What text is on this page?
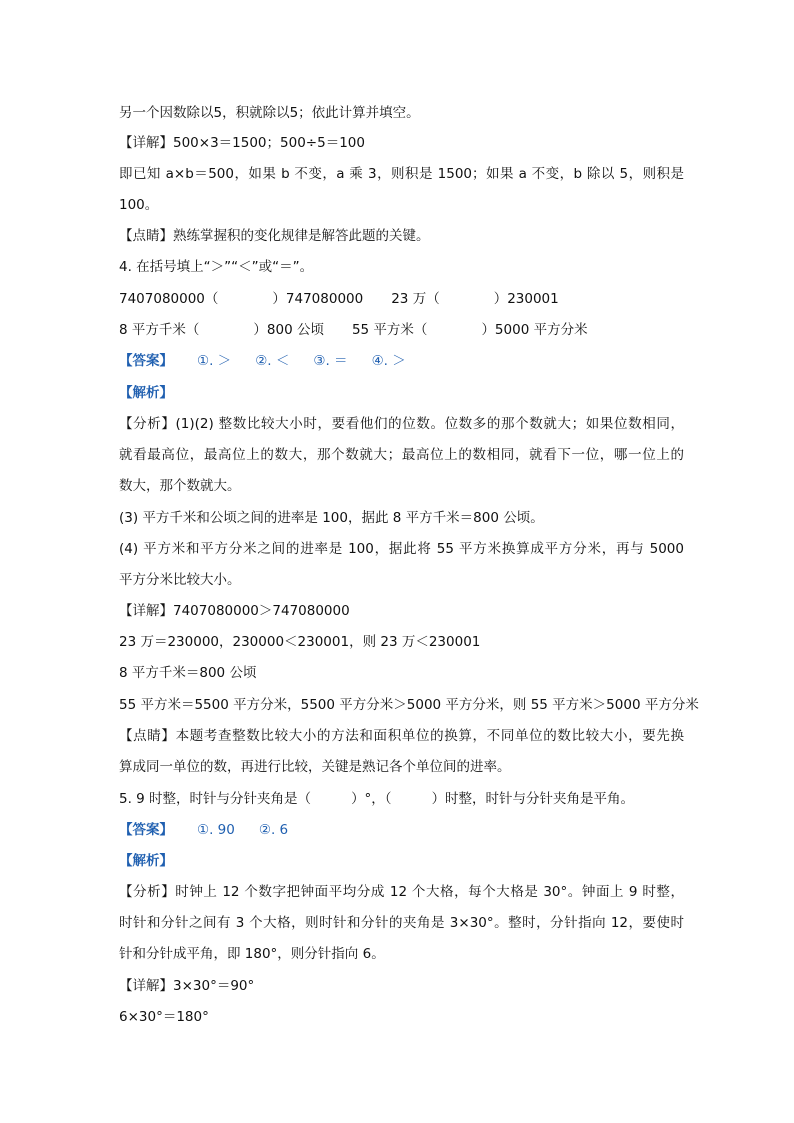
另一个因数除以5，积就除以5；依此计算并填空。
【详解】500×3＝1500；500÷5＝100
即已知 a×b＝500，如果 b 不变，a 乘 3，则积是 1500；如果 a 不变，b 除以 5，则积是
100。
【点睛】熟练掌握积的变化规律是解答此题的关键。
4. 在括号填上“＞”“＜”或“＝”。
7407080000（	）747080000 23 万（	）230001
8 平方千米（	）800 公顷 55 平方米（	）5000 平方分米
【答案】 ①. ＞ ②. ＜ ③. ＝ ④. ＞
【解析】
【分析】(1)(2) 整数比较大小时，要看他们的位数。位数多的那个数就大；如果位数相同，
就看最高位，最高位上的数大，那个数就大；最高位上的数相同，就看下一位，哪一位上的
数大，那个数就大。
(3) 平方千米和公顷之间的进率是 100，据此 8 平方千米＝800 公顷。
(4) 平方米和平方分米之间的进率是 100，据此将 55 平方米换算成平方分米，再与 5000
平方分米比较大小。
【详解】7407080000＞747080000
23 万＝230000，230000＜230001，则 23 万＜230001
8 平方千米＝800 公顷
55 平方米＝5500 平方分米，5500 平方分米＞5000 平方分米，则 55 平方米＞5000 平方分米
【点睛】本题考查整数比较大小的方法和面积单位的换算，不同单位的数比较大小，要先换
算成同一单位的数，再进行比较，关键是熟记各个单位间的进率。
5. 9 时整，时针与分针夹角是（	）°，（	）时整，时针与分针夹角是平角。
【答案】 ①. 90 ②. 6
【解析】
【分析】时钟上 12 个数字把钟面平均分成 12 个大格，每个大格是 30°。钟面上 9 时整，
时针和分针之间有 3 个大格，则时针和分针的夹角是 3×30°。整时，分针指向 12，要使时
针和分针成平角，即 180°，则分针指向 6。
【详解】3×30°＝90°
6×30°＝180°
